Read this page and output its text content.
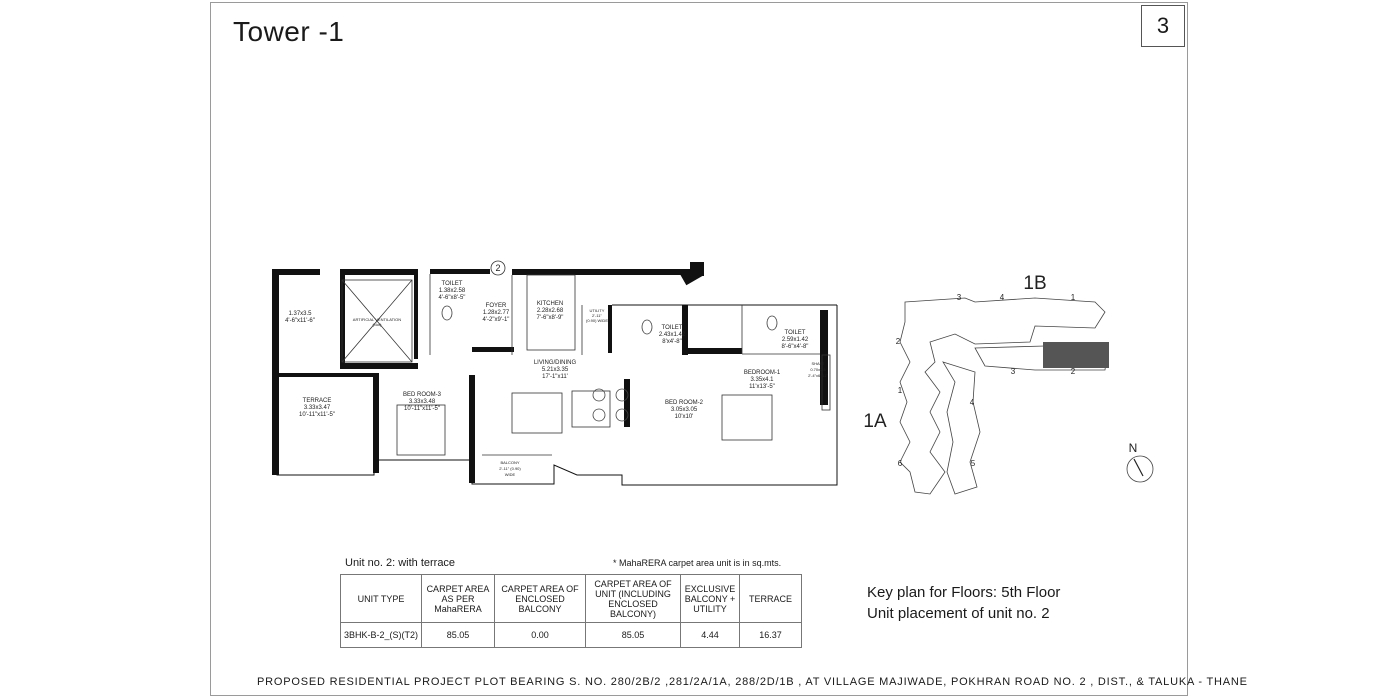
Tower -1	3
2
TOILET
1.38x2.58
4'-6"x8'-5"
1.37x3.5
4'-6"x11'-6"	ARTIFICIAL VENTILATION
(Not)
FOYER
1.28x2.77
4'-2"x9'-1"
KITCHEN
2.28x2.68
7'-6"x8'-9"
UTILITY
2'-11"
(0.90) WIDE
TOILET
2.43x1.42
8'x4'-8"
TOILET
2.59x1.42
8'-6"x4'-8"
LIVING/DINING
5.21x3.35
17'-1"x11'
BEDROOM-1
3.35x4.1
11'x13'-5"
TERRACE
3.33x3.47
10'-11"x11'-5"
BED ROOM-3
3.33x3.48
10'-11"x11'-5"
BED ROOM-2
3.05x3.05
10'x10'
BALCONY
2'-11" (0.90)
WIDE
SHAFT
0.70x2.3
2'-4"x6'-11"
3	4	1
2
3	2
1
4
6	5
1B
1A
N
Unit no. 2: with terrace	* MahaRERA carpet area unit is in sq.mts.
UNIT TYPE	CARPET AREA AS PER MahaRERA	CARPET AREA OF ENCLOSED BALCONY	CARPET AREA OF UNIT (INCLUDING ENCLOSED BALCONY)	EXCLUSIVE BALCONY + UTILITY	TERRACE
3BHK-B-2_(S)(T2)	85.05	0.00	85.05	4.44	16.37
Key plan for Floors: 5th Floor
Unit placement of unit no. 2
PROPOSED RESIDENTIAL PROJECT PLOT BEARING S. NO. 280/2B/2 ,281/2A/1A, 288/2D/1B , AT VILLAGE MAJIWADE, POKHRAN ROAD NO. 2 , DIST., & TALUKA - THANE
